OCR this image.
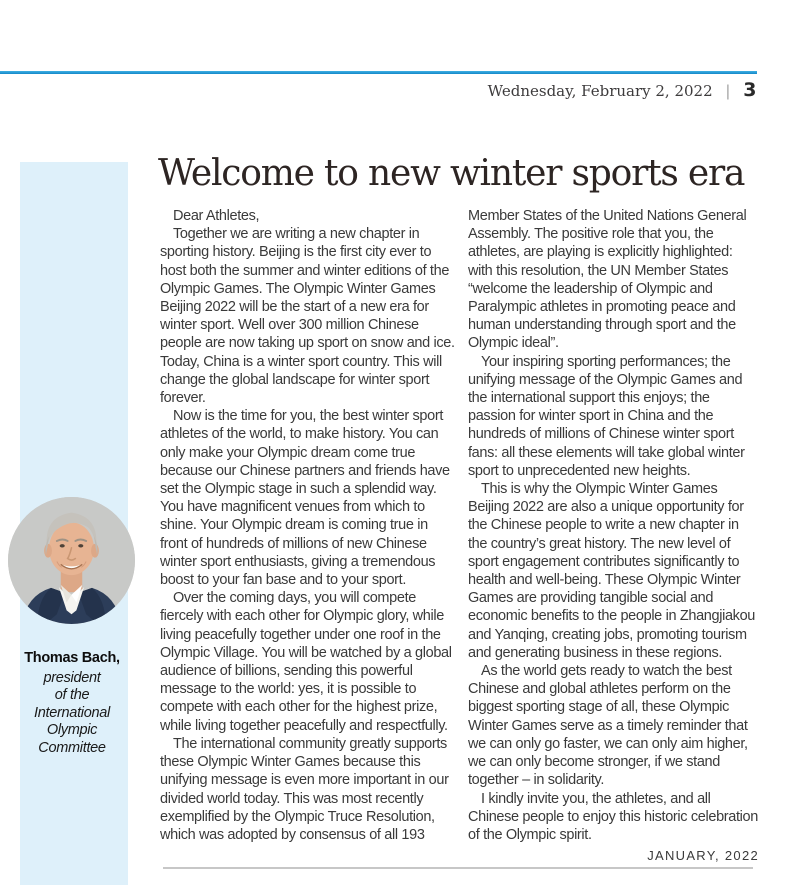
Wednesday, February 2, 2022 | 3
Welcome to new winter sports era

Thomas Bach,

president

of the

International

Olympic

Committee

Dear Athletes,

Together we are writing a new chapter in sporting history. Beijing is the first city ever to host both the summer and winter editions of the Olympic Games. The Olympic Winter Games Beijing 2022 will be the start of a new era for winter sport. Well over 300 million Chinese people are now taking up sport on snow and ice. Today, China is a winter sport country. This will change the global landscape for winter sport forever.

Now is the time for you, the best winter sport athletes of the world, to make history. You can only make your Olympic dream come true because our Chinese partners and friends have set the Olympic stage in such a splendid way. You have magnificent venues from which to shine. Your Olympic dream is coming true in front of hundreds of millions of new Chinese winter sport enthusiasts, giving a tremendous boost to your fan base and to your sport.

Over the coming days, you will compete fiercely with each other for Olympic glory, while living peacefully together under one roof in the Olympic Village. You will be watched by a global audience of billions, sending this powerful message to the world: yes, it is possible to compete with each other for the highest prize, while living together peacefully and respectfully.

The international community greatly supports these Olympic Winter Games because this unifying message is even more important in our divided world today. This was most recently exemplified by the Olympic Truce Resolution, which was adopted by consensus of all 193

Member States of the United Nations General Assembly. The positive role that you, the athletes, are playing is explicitly highlighted: with this resolution, the UN Member States “welcome the leadership of Olympic and Paralympic athletes in promoting peace and human understanding through sport and the Olympic ideal”.

Your inspiring sporting performances; the unifying message of the Olympic Games and the international support this enjoys; the passion for winter sport in China and the hundreds of millions of Chinese winter sport fans: all these elements will take global winter sport to unprecedented new heights.

This is why the Olympic Winter Games Beijing 2022 are also a unique opportunity for the Chinese people to write a new chapter in the country’s great history. The new level of sport engagement contributes significantly to health and well-being. These Olympic Winter Games are providing tangible social and economic benefits to the people in Zhangjiakou and Yanqing, creating jobs, promoting tourism and generating business in these regions.

As the world gets ready to watch the best Chinese and global athletes perform on the biggest sporting stage of all, these Olympic Winter Games serve as a timely reminder that we can only go faster, we can only aim higher, we can only become stronger, if we stand together – in solidarity.

I kindly invite you, the athletes, and all Chinese people to enjoy this historic celebration of the Olympic spirit.

JANUARY, 2022
